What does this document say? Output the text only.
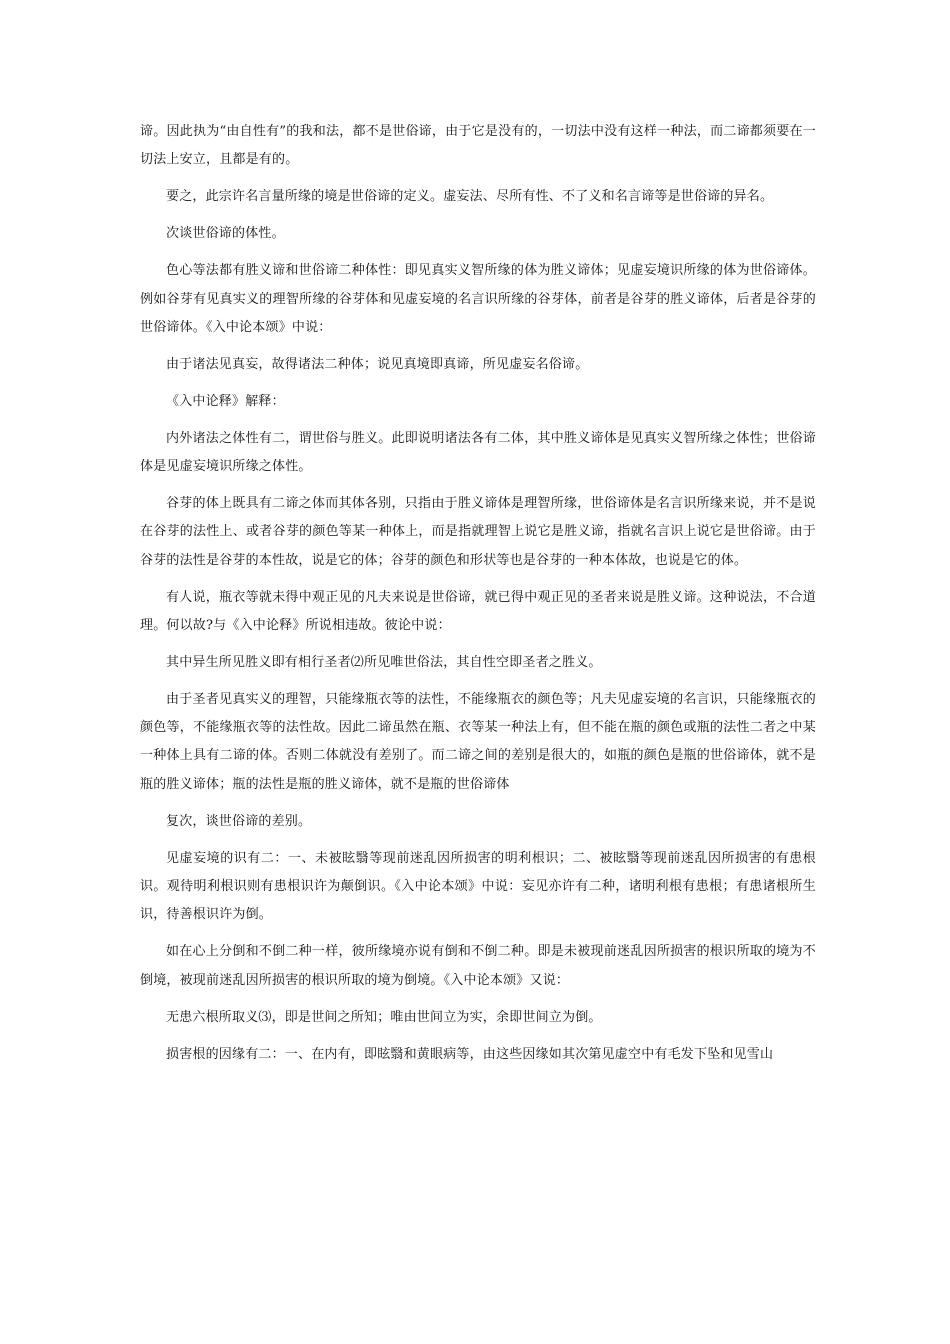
谛。因此执为“由自性有”的我和法，都不是世俗谛，由于它是没有的，一切法中没有这样一种法，而二谛都须要在一切法上安立，且都是有的。

要之，此宗许名言量所缘的境是世俗谛的定义。虚妄法、尽所有性、不了义和名言谛等是世俗谛的异名。

次谈世俗谛的体性。

色心等法都有胜义谛和世俗谛二种体性：即见真实义智所缘的体为胜义谛体；见虚妄境识所缘的体为世俗谛体。例如谷芽有见真实义的理智所缘的谷芽体和见虚妄境的名言识所缘的谷芽体，前者是谷芽的胜义谛体，后者是谷芽的世俗谛体。《入中论本颂》中说：

由于诸法见真妄，故得诸法二种体；说见真境即真谛，所见虚妄名俗谛。

《入中论释》解释：

内外诸法之体性有二，谓世俗与胜义。此即说明诸法各有二体，其中胜义谛体是见真实义智所缘之体性；世俗谛体是见虚妄境识所缘之体性。

谷芽的体上既具有二谛之体而其体各别，只指由于胜义谛体是理智所缘，世俗谛体是名言识所缘来说，并不是说在谷芽的法性上、或者谷芽的颜色等某一种体上，而是指就理智上说它是胜义谛，指就名言识上说它是世俗谛。由于谷芽的法性是谷芽的本性故，说是它的体；谷芽的颜色和形状等也是谷芽的一种本体故，也说是它的体。

有人说，瓶衣等就未得中观正见的凡夫来说是世俗谛，就已得中观正见的圣者来说是胜义谛。这种说法，不合道理。何以故?与《入中论释》所说相违故。彼论中说：

其中异生所见胜义即有相行圣者⑵所见唯世俗法，其自性空即圣者之胜义。

由于圣者见真实义的理智，只能缘瓶衣等的法性，不能缘瓶衣的颜色等；凡夫见虚妄境的名言识，只能缘瓶衣的颜色等，不能缘瓶衣等的法性故。因此二谛虽然在瓶、衣等某一种法上有，但不能在瓶的颜色或瓶的法性二者之中某一种体上具有二谛的体。否则二体就没有差别了。而二谛之间的差别是很大的，如瓶的颜色是瓶的世俗谛体，就不是瓶的胜义谛体；瓶的法性是瓶的胜义谛体，就不是瓶的世俗谛体

复次，谈世俗谛的差别。

见虚妄境的识有二：一、未被眩翳等现前迷乱因所损害的明利根识；二、被眩翳等现前迷乱因所损害的有患根识。观待明利根识则有患根识许为颠倒识。《入中论本颂》中说：妄见亦许有二种，诸明利根有患根；有患诸根所生识，待善根识许为倒。

如在心上分倒和不倒二种一样，彼所缘境亦说有倒和不倒二种。即是未被现前迷乱因所损害的根识所取的境为不倒境，被现前迷乱因所损害的根识所取的境为倒境。《入中论本颂》又说：

无患六根所取义⑶，即是世间之所知；唯由世间立为实，余即世间立为倒。

损害根的因缘有二：一、在内有，即眩翳和黄眼病等，由这些因缘如其次第见虚空中有毛发下坠和见雪山
